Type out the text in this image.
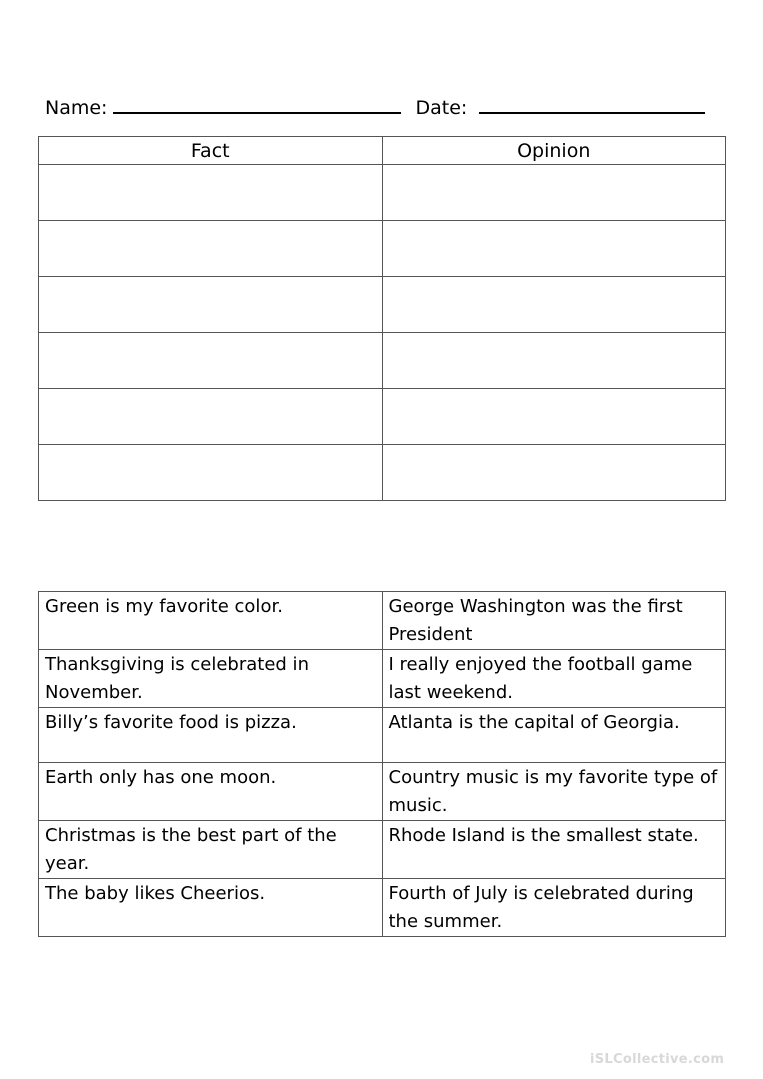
Name:	Date:
Fact	Opinion

Green is my favorite color.	George Washington was the first President
Thanksgiving is celebrated in November.	I really enjoyed the football game last weekend.
Billy’s favorite food is pizza.	Atlanta is the capital of Georgia.
Earth only has one moon.	Country music is my favorite type of music.
Christmas is the best part of the year.	Rhode Island is the smallest state.
The baby likes Cheerios.	Fourth of July is celebrated during the summer.
iSLCollective.com
